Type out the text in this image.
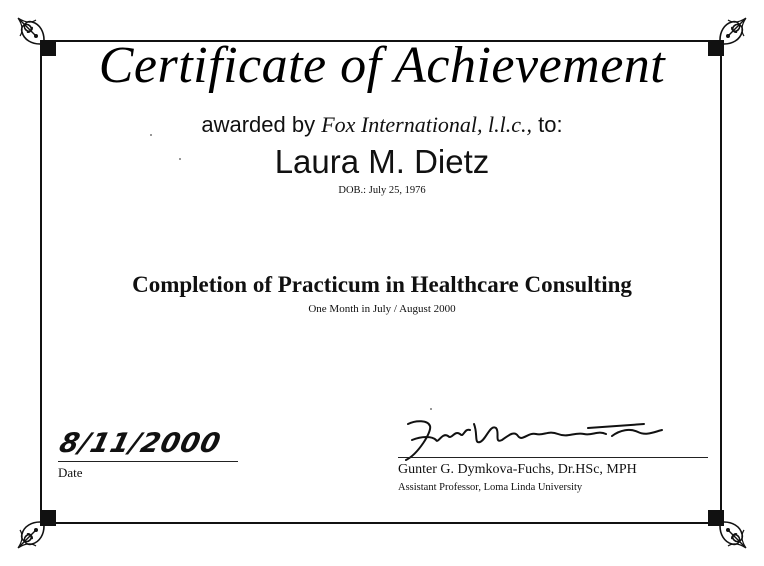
Certificate of Achievement
awarded by Fox International, l.l.c., to:
Laura M. Dietz
DOB.: July 25, 1976
Completion of Practicum in Healthcare Consulting
One Month in July / August 2000
8/11/2000
Date	Gunter G. Dymkova-Fuchs, Dr.HSc, MPH
Assistant Professor, Loma Linda University
